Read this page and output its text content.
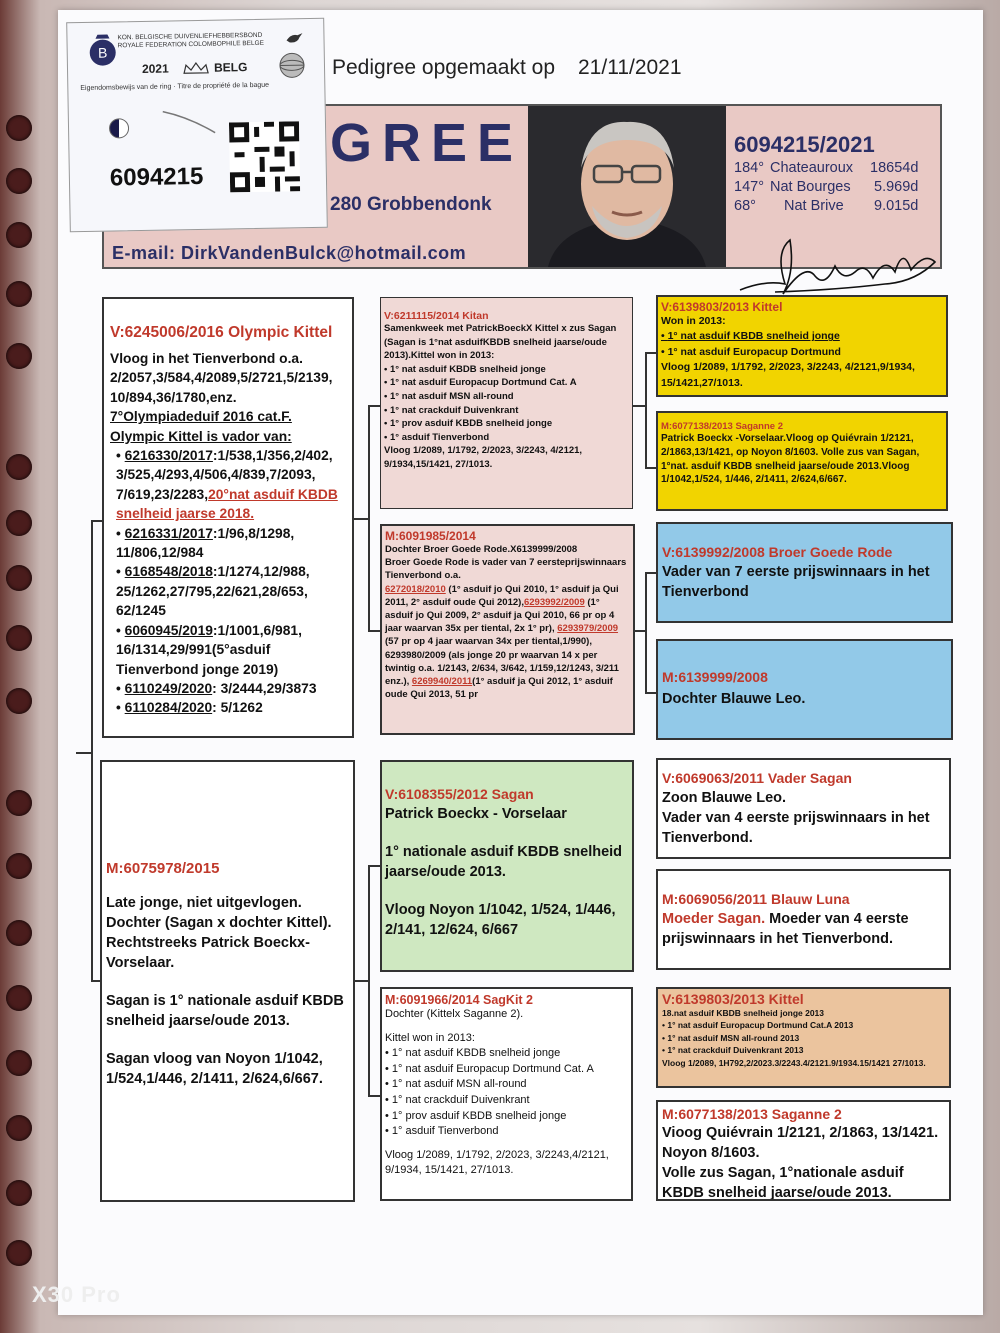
Pedigree opgemaakt op 21/11/2021
GREE
280 Grobbendonk
E-mail: DirkVandenBulck@hotmail.com
6094215/2021
184° Chateauroux 18654d
147° Nat Bourges 5.969d
68° Nat Brive 9.015d
B
KON. BELGISCHE DUIVENLIEFHEBBERSBOND
ROYALE FEDERATION COLOMBOPHILE BELGE
2021	BELG
Eigendomsbewijs van de ring · Titre de propriété de la bague
6094215
V:6245006/2016 Olympic Kittel
Vloog in het Tienverbond o.a.
2/2057,3/584,4/2089,5/2721,5/2139,
10/894,36/1780,enz.
7°Olympiadeduif 2016 cat.F.
Olympic Kittel is vador van:
• 6216330/2017:1/538,1/356,2/402, 3/525,4/293,4/506,4/839,7/2093, 7/619,23/2283,20°nat asduif KBDB snelheid jaarse 2018.
• 6216331/2017:1/96,8/1298, 11/806,12/984
• 6168548/2018:1/1274,12/988, 25/1262,27/795,22/621,28/653, 62/1245
• 6060945/2019:1/1001,6/981, 16/1314,29/991(5°asduif Tienverbond jonge 2019)
• 6110249/2020: 3/2444,29/3873
• 6110284/2020: 5/1262
M:6075978/2015
Late jonge, niet uitgevlogen. Dochter (Sagan x dochter Kittel). Rechtstreeks Patrick Boeckx-Vorselaar.
Sagan is 1° nationale asduif KBDB snelheid jaarse/oude 2013.
Sagan vloog van Noyon 1/1042, 1/524,1/446, 2/1411, 2/624,6/667.
V:6211115/2014 Kitan
Samenkweek met PatrickBoeckX Kittel x zus Sagan (Sagan is 1°nat asduifKBDB snelheid jaarse/oude 2013).Kittel won in 2013:
• 1° nat asduif KBDB snelheid jonge
• 1° nat asduif Europacup Dortmund Cat. A
• 1° nat asduif MSN all-round
• 1° nat crackduif Duivenkrant
• 1° prov asduif KBDB snelheid jonge
• 1° asduif Tienverbond
Vloog 1/2089, 1/1792, 2/2023, 3/2243, 4/2121, 9/1934,15/1421, 27/1013.
M:6091985/2014
Dochter Broer Goede Rode.X6139999/2008
Broer Goede Rode is vader van 7 eersteprijswinnaars Tienverbond o.a.
6272018/2010 (1° asduif jo Qui 2010, 1° asduif ja Qui 2011, 2° asduif oude Qui 2012),6293992/2009 (1° asduif jo Qui 2009, 2° asduif ja Qui 2010, 66 pr op 4 jaar waarvan 35x per tiental, 2x 1° pr), 6293979/2009 (57 pr op 4 jaar waarvan 34x per tiental,1/990), 6293980/2009 (als jonge 20 pr waarvan 14 x per twintig o.a. 1/2143, 2/634, 3/642, 1/159,12/1243, 3/211 enz.), 6269940/2011(1° asduif ja Qui 2012, 1° asduif oude Qui 2013, 51 pr
V:6108355/2012 Sagan
Patrick Boeckx - Vorselaar
1° nationale asduif KBDB snelheid jaarse/oude 2013.
Vloog Noyon 1/1042, 1/524, 1/446, 2/141, 12/624, 6/667
M:6091966/2014 SagKit 2
Dochter (Kittelx Saganne 2).
Kittel won in 2013:
• 1° nat asduif KBDB snelheid jonge
• 1° nat asduif Europacup Dortmund Cat. A
• 1° nat asduif MSN all-round
• 1° nat crackduif Duivenkrant
• 1° prov asduif KBDB snelheid jonge
• 1° asduif Tienverbond
Vloog 1/2089, 1/1792, 2/2023, 3/2243,4/2121, 9/1934, 15/1421, 27/1013.
V:6139803/2013 Kittel
Won in 2013:
• 1° nat asduif KBDB snelheid jonge
• 1° nat asduif Europacup Dortmund
Vloog 1/2089, 1/1792, 2/2023, 3/2243, 4/2121,9/1934, 15/1421,27/1013.
M:6077138/2013 Saganne 2
Patrick Boeckx -Vorselaar.Vloog op Quiévrain 1/2121, 2/1863,13/1421, op Noyon 8/1603. Volle zus van Sagan, 1°nat. asduif KBDB snelheid jaarse/oude 2013.Vloog 1/1042,1/524, 1/446, 2/1411, 2/624,6/667.
V:6139992/2008 Broer Goede Rode
Vader van 7 eerste prijswinnaars in het Tienverbond
M:6139999/2008
Dochter Blauwe Leo.
V:6069063/2011 Vader Sagan
Zoon Blauwe Leo.
Vader van 4 eerste prijswinnaars in het Tienverbond.
M:6069056/2011 Blauw Luna
Moeder Sagan. Moeder van 4 eerste prijswinnaars in het Tienverbond.
V:6139803/2013 Kittel
18.nat asduif KBDB snelheid jonge 2013
• 1° nat asduif Europacup Dortmund Cat.A 2013
• 1° nat asduif MSN all-round 2013
• 1° nat crackduif Duivenkrant 2013
Vloog 1/2089, 1H792,2/2023.3/2243.4/2121.9/1934.15/1421 27/1013.
M:6077138/2013 Saganne 2
Vioog Quiévrain 1/2121, 2/1863, 13/1421.
Noyon 8/1603.
Volle zus Sagan, 1°nationale asduif KBDB snelheid jaarse/oude 2013.
X30 Pro
